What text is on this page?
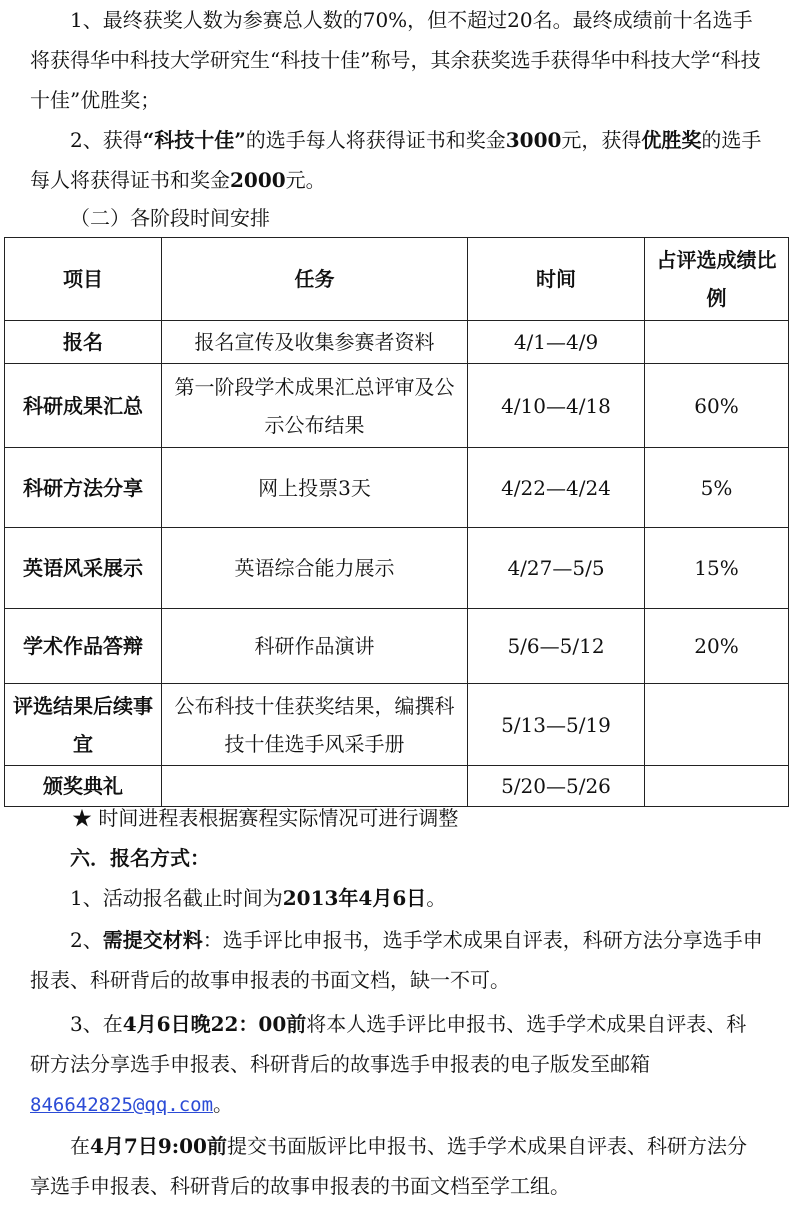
1、最终获奖人数为参赛总人数的70%，但不超过20名。最终成绩前十名选手将获得华中科技大学研究生“科技十佳”称号，其余获奖选手获得华中科技大学“科技十佳”优胜奖；

2、获得“科技十佳”的选手每人将获得证书和奖金3000元，获得优胜奖的选手每人将获得证书和奖金2000元。

（二）各阶段时间安排

项目	任务	时间	占评选成绩比例
报名	报名宣传及收集参赛者资料	4/1—4/9	
科研成果汇总	第一阶段学术成果汇总评审及公示公布结果	4/10—4/18	60%
科研方法分享	网上投票3天	4/22—4/24	5%
英语风采展示	英语综合能力展示	4/27—5/5	15%
学术作品答辩	科研作品演讲	5/6—5/12	20%
评选结果后续事宜	公布科技十佳获奖结果，编撰科技十佳选手风采手册	5/13—5/19	
颁奖典礼		5/20—5/26	

★ 时间进程表根据赛程实际情况可进行调整

六．报名方式：

1、活动报名截止时间为2013年4月6日。

2、需提交材料：选手评比申报书，选手学术成果自评表，科研方法分享选手申报表、科研背后的故事申报表的书面文档，缺一不可。

3、在4月6日晚22：00前将本人选手评比申报书、选手学术成果自评表、科研方法分享选手申报表、科研背后的故事选手申报表的电子版发至邮箱846642825@qq.com。

在4月7日9:00前提交书面版评比申报书、选手学术成果自评表、科研方法分享选手申报表、科研背后的故事申报表的书面文档至学工组。
